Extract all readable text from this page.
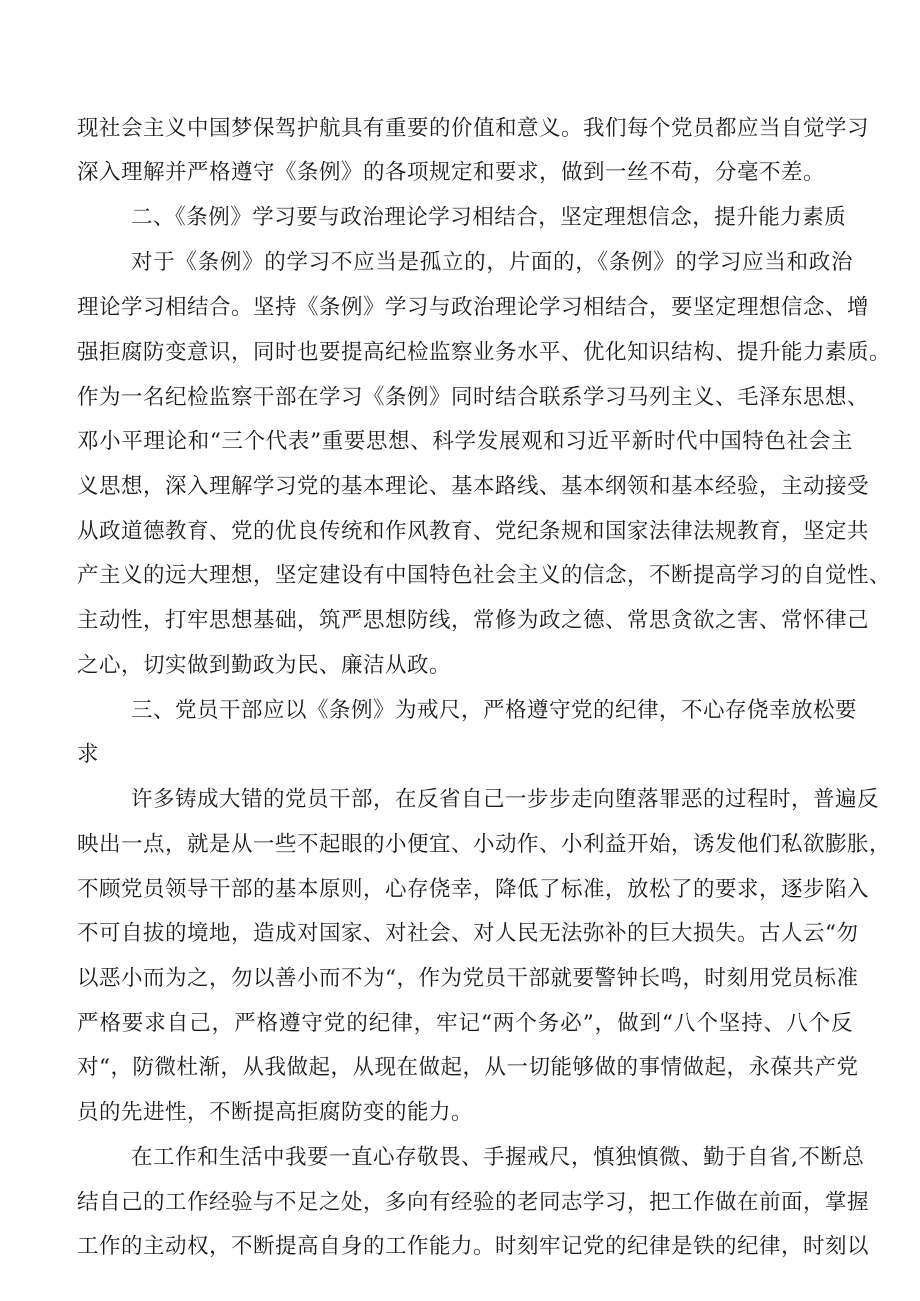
现社会主义中国梦保驾护航具有重要的价值和意义。我们每个党员都应当自觉学习
深入理解并严格遵守《条例》的各项规定和要求，做到一丝不苟，分毫不差。
二、《条例》学习要与政治理论学习相结合，坚定理想信念，提升能力素质
对于《条例》的学习不应当是孤立的，片面的，《条例》的学习应当和政治
理论学习相结合。坚持《条例》学习与政治理论学习相结合，要坚定理想信念、增
强拒腐防变意识，同时也要提高纪检监察业务水平、优化知识结构、提升能力素质。
作为一名纪检监察干部在学习《条例》同时结合联系学习马列主义、毛泽东思想、
邓小平理论和“三个代表”重要思想、科学发展观和习近平新时代中国特色社会主
义思想，深入理解学习党的基本理论、基本路线、基本纲领和基本经验，主动接受
从政道德教育、党的优良传统和作风教育、党纪条规和国家法律法规教育，坚定共
产主义的远大理想，坚定建设有中国特色社会主义的信念，不断提高学习的自觉性、
主动性，打牢思想基础，筑严思想防线，常修为政之德、常思贪欲之害、常怀律己
之心，切实做到勤政为民、廉洁从政。
三、党员干部应以《条例》为戒尺，严格遵守党的纪律，不心存侥幸放松要
求
许多铸成大错的党员干部，在反省自己一步步走向堕落罪恶的过程时，普遍反
映出一点，就是从一些不起眼的小便宜、小动作、小利益开始，诱发他们私欲膨胀，
不顾党员领导干部的基本原则，心存侥幸，降低了标准，放松了的要求，逐步陷入
不可自拔的境地，造成对国家、对社会、对人民无法弥补的巨大损失。古人云“勿
以恶小而为之，勿以善小而不为“，作为党员干部就要警钟长鸣，时刻用党员标准
严格要求自己，严格遵守党的纪律，牢记“两个务必”，做到“八个坚持、八个反
对“，防微杜渐，从我做起，从现在做起，从一切能够做的事情做起，永葆共产党
员的先进性，不断提高拒腐防变的能力。
在工作和生活中我要一直心存敬畏、手握戒尺，慎独慎微、勤于自省,不断总
结自己的工作经验与不足之处，多向有经验的老同志学习，把工作做在前面，掌握
工作的主动权，不断提高自身的工作能力。时刻牢记党的纪律是铁的纪律，时刻以
